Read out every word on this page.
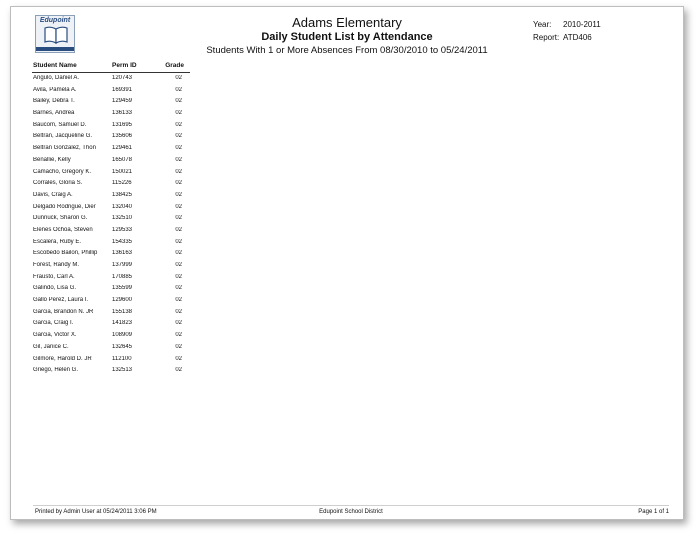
Edupoint	Adams Elementary
Daily Student List by Attendance
Students With 1 or More Absences From 08/30/2010 to 05/24/2011
Year: 2010-2011
Report: ATD406
Student Name	Perm ID	Grade
Angulo, Daniel A.	120743	02
Avila, Pamela A.	169391	02
Bailey, Debra T.	129459	02
Barnes, Andrea	136133	02
Baucom, Samuel D.	131695	02
Beltran, Jacqueline G.	135606	02
Beltran Gonzalez, Thon	129461	02
Benallie, Kelly	165078	02
Camacho, Gregory K.	150021	02
Corrales, Gloria S.	115226	02
Davis, Craig A.	138425	02
Delgado Rodrigue, Dier	132040	02
Dunnuck, Sharon G.	132510	02
Elenes Ochoa, Steven	129533	02
Escalera, Ruby E.	154335	02
Escobedo Bailon, Phillip	136163	02
Forest, Randy M.	137999	02
Frausto, Carl A.	170885	02
Galindo, Lisa G.	135599	02
Gallo Perez, Laura I.	129600	02
Garcia, Brandon N. JR	155138	02
Garcia, Craig I.	141823	02
Garcia, Victor X.	108909	02
Gil, Janice C.	132645	02
Gilmore, Harold D. JR	112100	02
Griego, Helen G.	132513	02
Printed by Admin User at 05/24/2011 3:06 PM	Edupoint School District	Page 1 of 1
